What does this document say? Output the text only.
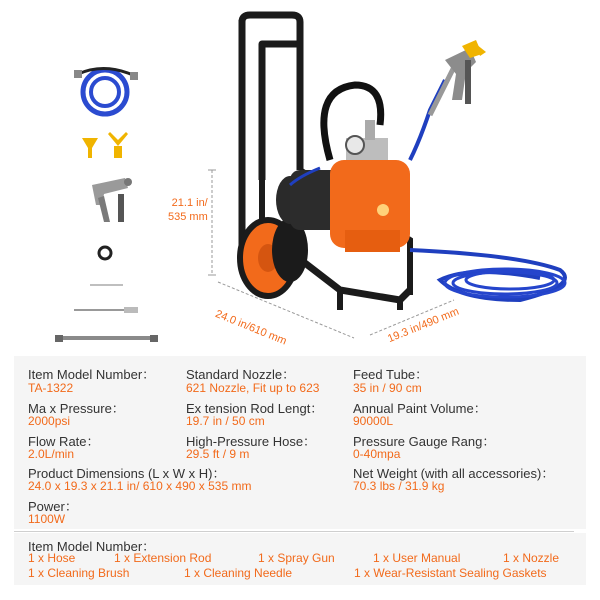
21.1 in/
535 mm
24.0 in/610 mm	19.3 in/490 mm
Item Model Number：
TA-1322
Standard Nozzle：
621 Nozzle, Fit up to 623
Feed Tube：
35 in / 90 cm
Ma x Pressure：
2000psi
Ex tension Rod Lengt：
19.7 in / 50 cm
Annual Paint Volume：
90000L
Flow Rate：
2.0L/min
High-Pressure Hose：
29.5 ft / 9 m
Pressure Gauge Rang：
0-40mpa
Product Dimensions (L x W x H)：
24.0 x 19.3 x 21.1 in/ 610 x 490 x 535 mm
Net Weight (with all accessories)：
70.3 lbs / 31.9 kg
Power：
1100W
Item Model Number：
1 x Hose	1 x Extension Rod	1 x Spray Gun	1 x User Manual	1 x Nozzle
1 x Cleaning Brush	1 x Cleaning Needle	1 x Wear-Resistant Sealing Gaskets
